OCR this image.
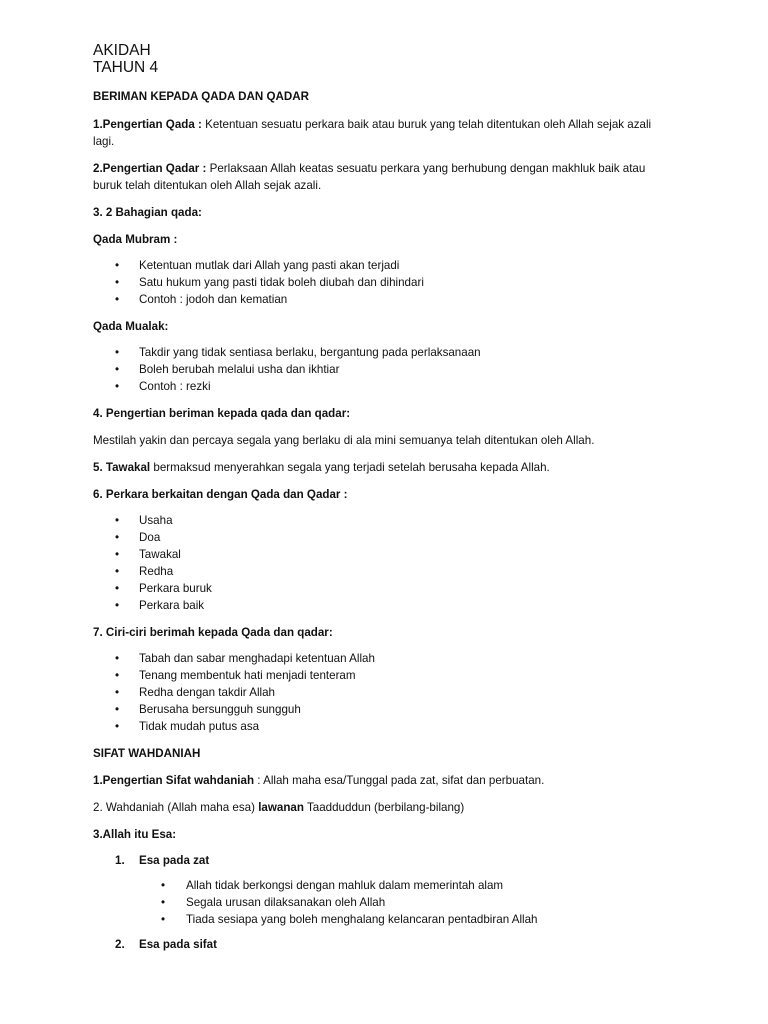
AKIDAH
TAHUN 4

BERIMAN KEPADA QADA DAN QADAR

1.Pengertian Qada : Ketentuan sesuatu perkara baik atau buruk yang telah ditentukan oleh Allah sejak azali lagi.

2.Pengertian Qadar : Perlaksaan Allah keatas sesuatu perkara yang berhubung dengan makhluk baik atau buruk telah ditentukan oleh Allah sejak azali.

3. 2 Bahagian qada:

Qada Mubram :

• Ketentuan mutlak dari Allah yang pasti akan terjadi
• Satu hukum yang pasti tidak boleh diubah dan dihindari
• Contoh : jodoh dan kematian

Qada Mualak:

• Takdir yang tidak sentiasa berlaku, bergantung pada perlaksanaan
• Boleh berubah melalui usha dan ikhtiar
• Contoh : rezki

4. Pengertian beriman kepada qada dan qadar:

Mestilah yakin dan percaya segala yang berlaku di ala mini semuanya telah ditentukan oleh Allah.

5. Tawakal bermaksud menyerahkan segala yang terjadi setelah berusaha kepada Allah.

6. Perkara berkaitan dengan Qada dan Qadar :

• Usaha
• Doa
• Tawakal
• Redha
• Perkara buruk
• Perkara baik

7. Ciri-ciri berimah kepada Qada dan qadar:

• Tabah dan sabar menghadapi ketentuan Allah
• Tenang membentuk hati menjadi tenteram
• Redha dengan takdir Allah
• Berusaha bersungguh sungguh
• Tidak mudah putus asa

SIFAT WAHDANIAH

1.Pengertian Sifat wahdaniah : Allah maha esa/Tunggal pada zat, sifat dan perbuatan.

2. Wahdaniah (Allah maha esa) lawanan Taadduddun (berbilang-bilang)

3.Allah itu Esa:

1. Esa pada zat
• Allah tidak berkongsi dengan mahluk dalam memerintah alam
• Segala urusan dilaksanakan oleh Allah
• Tiada sesiapa yang boleh menghalang kelancaran pentadbiran Allah
2. Esa pada sifat
